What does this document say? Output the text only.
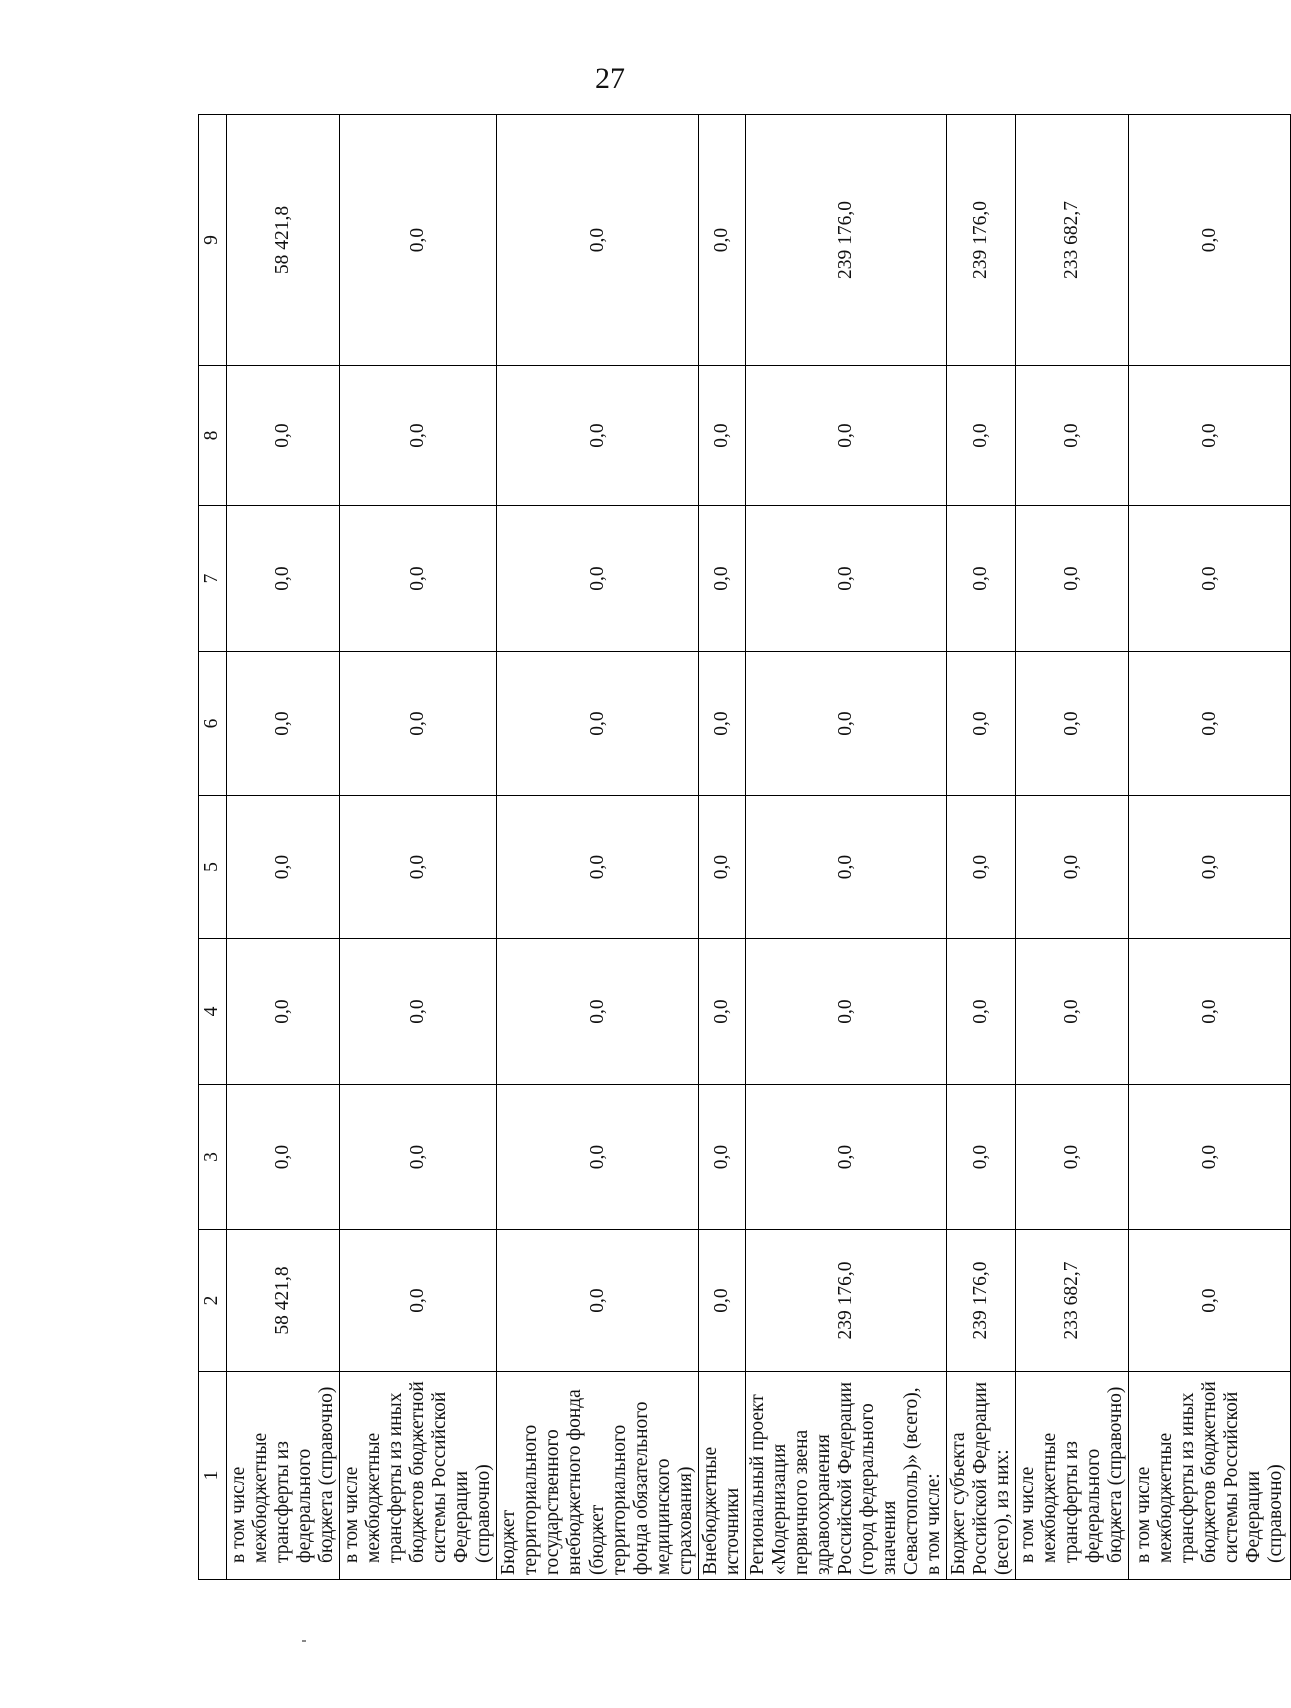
27
1	2	3	4	5	6	7	8	9
в том числе межбюджетные трансферты из федерального бюджета (справочно)	58 421,8	0,0	0,0	0,0	0,0	0,0	0,0	58 421,8
в том числе межбюджетные трансферты из иных бюджетов бюджетной системы Российской Федерации (справочно)	0,0	0,0	0,0	0,0	0,0	0,0	0,0	0,0
Бюджет территориального государственного внебюджетного фонда (бюджет территориального фонда обязательного медицинского страхования)	0,0	0,0	0,0	0,0	0,0	0,0	0,0	0,0
Внебюджетные источники	0,0	0,0	0,0	0,0	0,0	0,0	0,0	0,0
Региональный проект «Модернизация первичного звена здравоохранения Российской Федерации (город федерального значения Севастополь)» (всего), в том числе:	239 176,0	0,0	0,0	0,0	0,0	0,0	0,0	239 176,0
Бюджет субъекта Российской Федерации (всего), из них:	239 176,0	0,0	0,0	0,0	0,0	0,0	0,0	239 176,0
в том числе межбюджетные трансферты из федерального бюджета (справочно)	233 682,7	0,0	0,0	0,0	0,0	0,0	0,0	233 682,7
в том числе межбюджетные трансферты из иных бюджетов бюджетной системы Российской Федерации (справочно)	0,0	0,0	0,0	0,0	0,0	0,0	0,0	0,0
